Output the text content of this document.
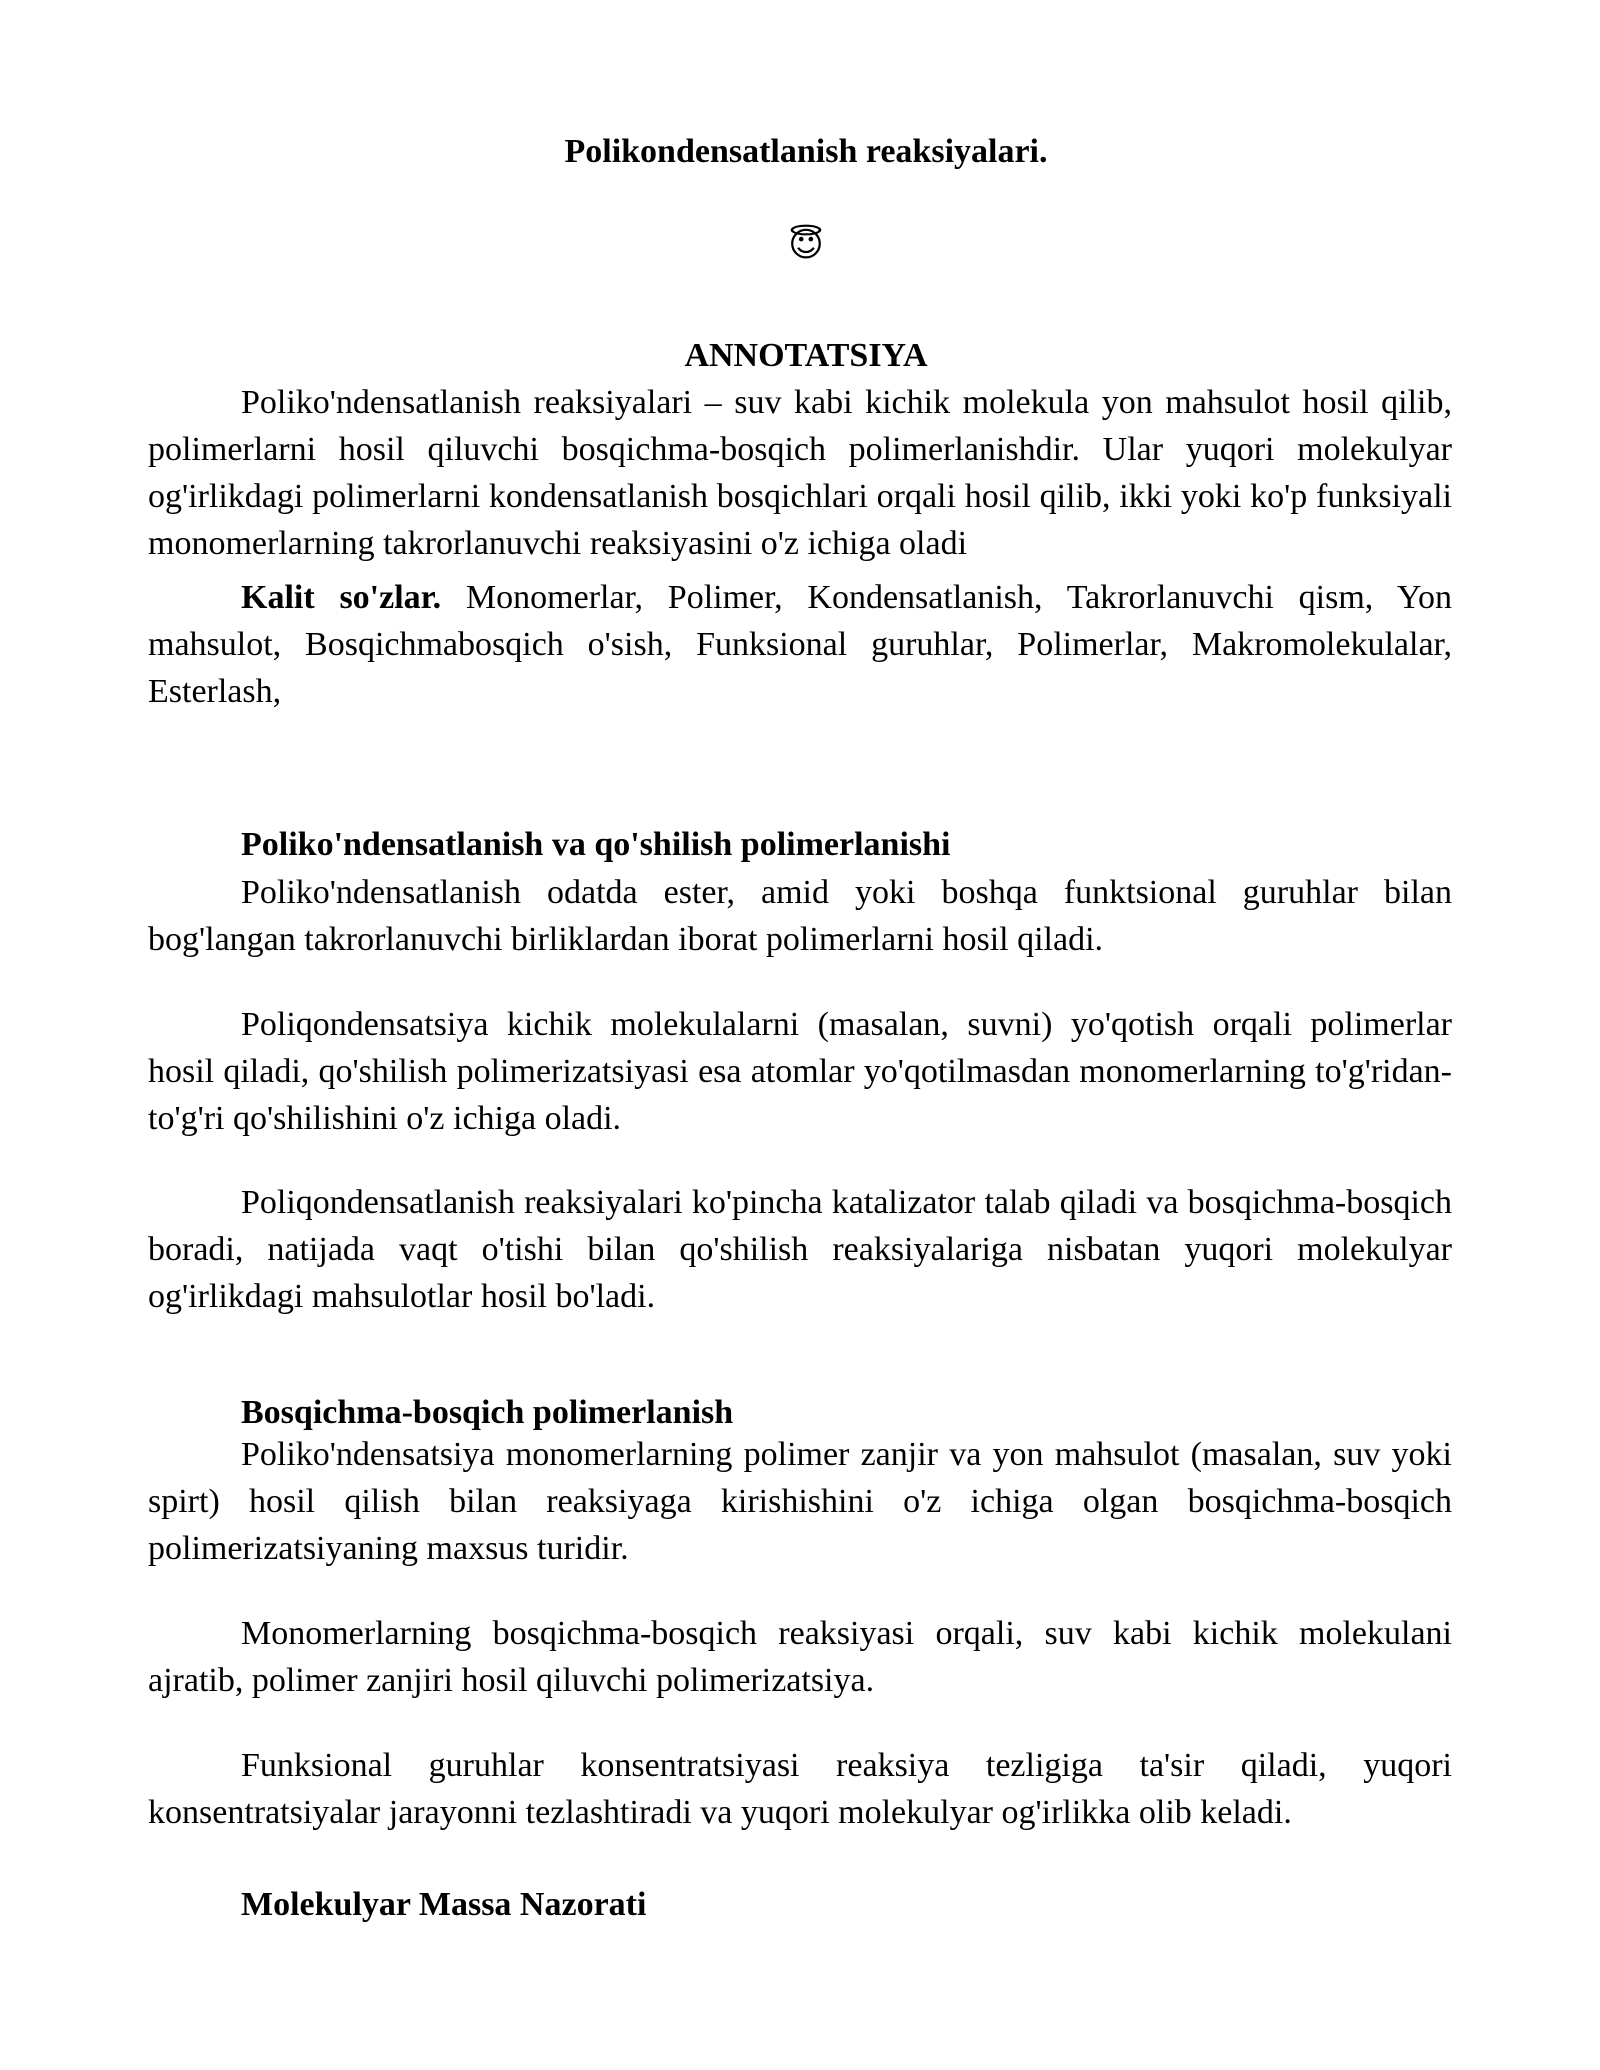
Polikondensatlanish reaksiyalari.
😇
ANNOTATSIYA

Poliko'ndensatlanish reaksiyalari – suv kabi kichik molekula yon mahsulot hosil qilib, polimerlarni hosil qiluvchi bosqichma-bosqich polimerlanishdir. Ular yuqori molekulyar og'irlikdagi polimerlarni kondensatlanish bosqichlari orqali hosil qilib, ikki yoki ko'p funksiyali monomerlarning takrorlanuvchi reaksiyasini o'z ichiga oladi

Kalit so'zlar. Monomerlar, Polimer, Kondensatlanish, Takrorlanuvchi qism, Yon mahsulot, Bosqichmabosqich o'sish, Funksional guruhlar, Polimerlar, Makromolekulalar, Esterlash,

Poliko'ndensatlanish va qo'shilish polimerlanishi

Poliko'ndensatlanish odatda ester, amid yoki boshqa funktsional guruhlar bilan bog'langan takrorlanuvchi birliklardan iborat polimerlarni hosil qiladi.

Poliqondensatsiya kichik molekulalarni (masalan, suvni) yo'qotish orqali polimerlar hosil qiladi, qo'shilish polimerizatsiyasi esa atomlar yo'qotilmasdan monomerlarning to'g'ridan-to'g'ri qo'shilishini o'z ichiga oladi.

Poliqondensatlanish reaksiyalari ko'pincha katalizator talab qiladi va bosqichma-bosqich boradi, natijada vaqt o'tishi bilan qo'shilish reaksiyalariga nisbatan yuqori molekulyar og'irlikdagi mahsulotlar hosil bo'ladi.

Bosqichma-bosqich polimerlanish

Poliko'ndensatsiya monomerlarning polimer zanjir va yon mahsulot (masalan, suv yoki spirt) hosil qilish bilan reaksiyaga kirishishini o'z ichiga olgan bosqichma-bosqich polimerizatsiyaning maxsus turidir.

Monomerlarning bosqichma-bosqich reaksiyasi orqali, suv kabi kichik molekulani ajratib, polimer zanjiri hosil qiluvchi polimerizatsiya.

Funksional guruhlar konsentratsiyasi reaksiya tezligiga ta'sir qiladi, yuqori konsentratsiyalar jarayonni tezlashtiradi va yuqori molekulyar og'irlikka olib keladi.

Molekulyar Massa Nazorati
